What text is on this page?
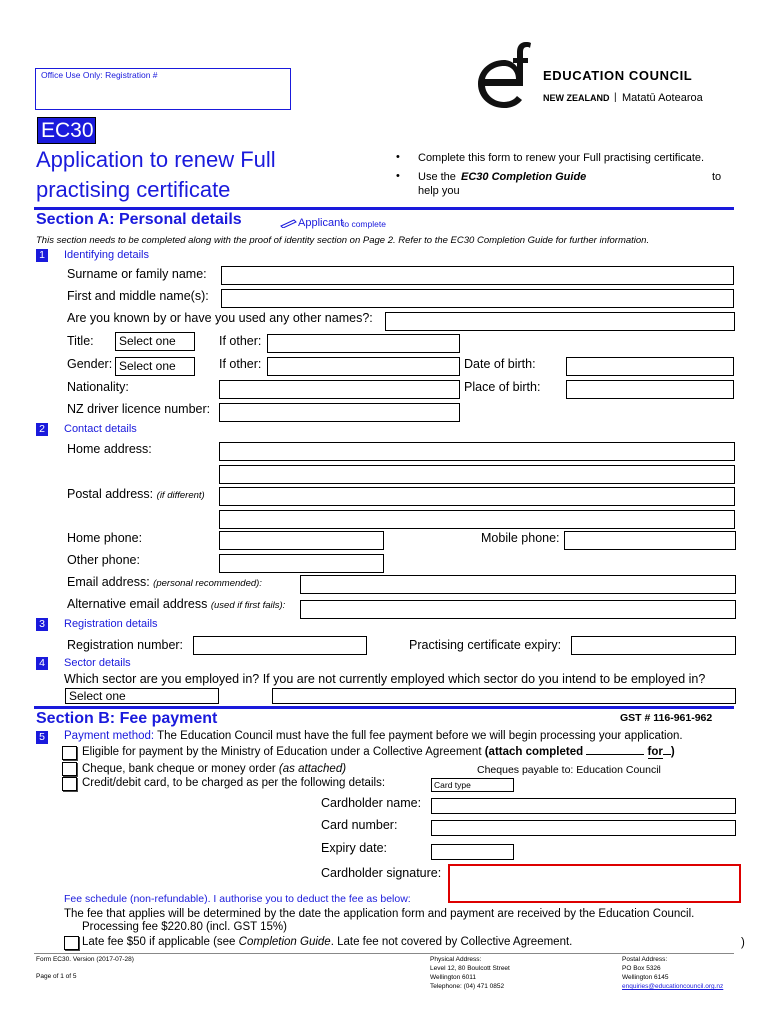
Office Use Only: Registration #
EC30
Application to renew Full
practising certificate
• Complete this form to renew your Full practising certificate.
• Use the EC30 Completion Guide	to
help you
EDUCATION COUNCIL
NEW ZEALAND | Matatū Aotearoa
Section A: Personal details	Applicant
to complete
This section needs to be completed along with the proof of identity section on Page 2. Refer to the EC30 Completion Guide for further information.
1 Identifying details
Surname or family name:
First and middle name(s):
Are you known by or have you used any other names?:
Title:	Select one	If other:
Gender: Select one	If other:	Date of birth:
Nationality:	Place of birth:
NZ driver licence number:
2 Contact details
Home address:
Postal address: (if different)
Home phone:	Mobile phone:
Other phone:
Email address: (personal recommended):
Alternative email address (used if first fails):
3 Registration details
Registration number:	Practising certificate expiry:
4 Sector details
Which sector are you employed in? If you are not currently employed which sector do you intend to be employed in?
Select one
Section B: Fee payment	GST # 116-961-962
5 Payment method: The Education Council must have the full fee payment before we will begin processing your application.
Eligible for payment by the Ministry of Education under a Collective Agreement (attach completed	for )
Cheque, bank cheque or money order (as attached)	Cheques payable to: Education Council
Credit/debit card, to be charged as per the following details:	Card type
Cardholder name:
Card number:
Expiry date:
Cardholder signature:
Fee schedule (non-refundable). I authorise you to deduct the fee as below:
The fee that applies will be determined by the date the application form and payment are received by the Education Council.
Processing fee $220.80 (incl. GST 15%)
Late fee $50 if applicable (see Completion Guide. Late fee not covered by Collective Agreement.	)
Form EC30. Version (2017-07-28)
Page of 1 of 5
Physical Address:
Level 12, 80 Boulcott Street
Wellington 6011
Telephone: (04) 471 0852
Postal Address:
PO Box 5326
Wellington 6145
enquiries@educationcouncil.org.nz
